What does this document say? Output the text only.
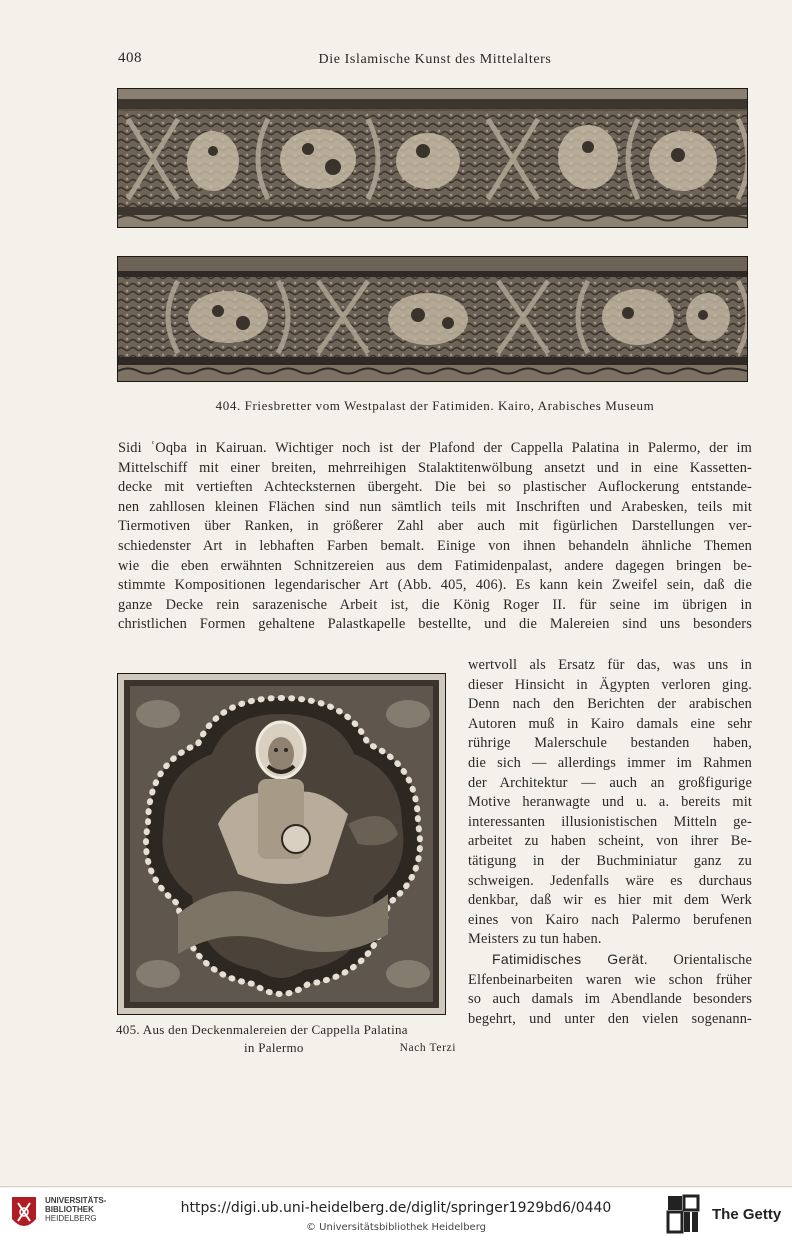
408	Die Islamische Kunst des Mittelalters
404. Friesbretter vom Westpalast der Fatimiden. Kairo, Arabisches Museum
Sidi ʿOqba in Kairuan. Wichtiger noch ist der Plafond der Cappella Palatina in Palermo, der im
Mittelschiff mit einer breiten, mehrreihigen Stalaktitenwölbung ansetzt und in eine Kassetten-
decke mit vertieften Achtecksternen übergeht. Die bei so plastischer Auflockerung entstande-
nen zahllosen kleinen Flächen sind nun sämtlich teils mit Inschriften und Arabesken, teils mit
Tiermotiven über Ranken, in größerer Zahl aber auch mit figürlichen Darstellungen ver-
schiedenster Art in lebhaften Farben bemalt. Einige von ihnen behandeln ähnliche Themen
wie die eben erwähnten Schnitzereien aus dem Fatimidenpalast, andere dagegen bringen be-
stimmte Kompositionen legendarischer Art (Abb. 405, 406). Es kann kein Zweifel sein, daß die
ganze Decke rein sarazenische Arbeit ist, die König Roger II. für seine im übrigen in
christlichen Formen gehaltene Palastkapelle bestellte, und die Malereien sind uns besonders
405. Aus den Deckenmalereien der Cappella Palatina
in Palermo	Nach Terzi
wertvoll als Ersatz für das, was uns in
dieser Hinsicht in Ägypten verloren ging.
Denn nach den Berichten der arabischen
Autoren muß in Kairo damals eine sehr
rührige Malerschule bestanden haben,
die sich — allerdings immer im Rahmen
der Architektur — auch an großfigurige
Motive heranwagte und u. a. bereits mit
interessanten illusionistischen Mitteln ge-
arbeitet zu haben scheint, von ihrer Be-
tätigung in der Buchminiatur ganz zu
schweigen. Jedenfalls wäre es durchaus
denkbar, daß wir es hier mit dem Werk
eines von Kairo nach Palermo berufenen
Meisters zu tun haben.
Fatimidisches Gerät. Orientalische
Elfenbeinarbeiten waren wie schon früher
so auch damals im Abendlande besonders
begehrt, und unter den vielen sogenann-
UNIVERSITÄTS-
BIBLIOTHEK
HEIDELBERG
https://digi.ub.uni-heidelberg.de/diglit/springer1929bd6/0440
© Universitätsbibliothek Heidelberg
The Getty
